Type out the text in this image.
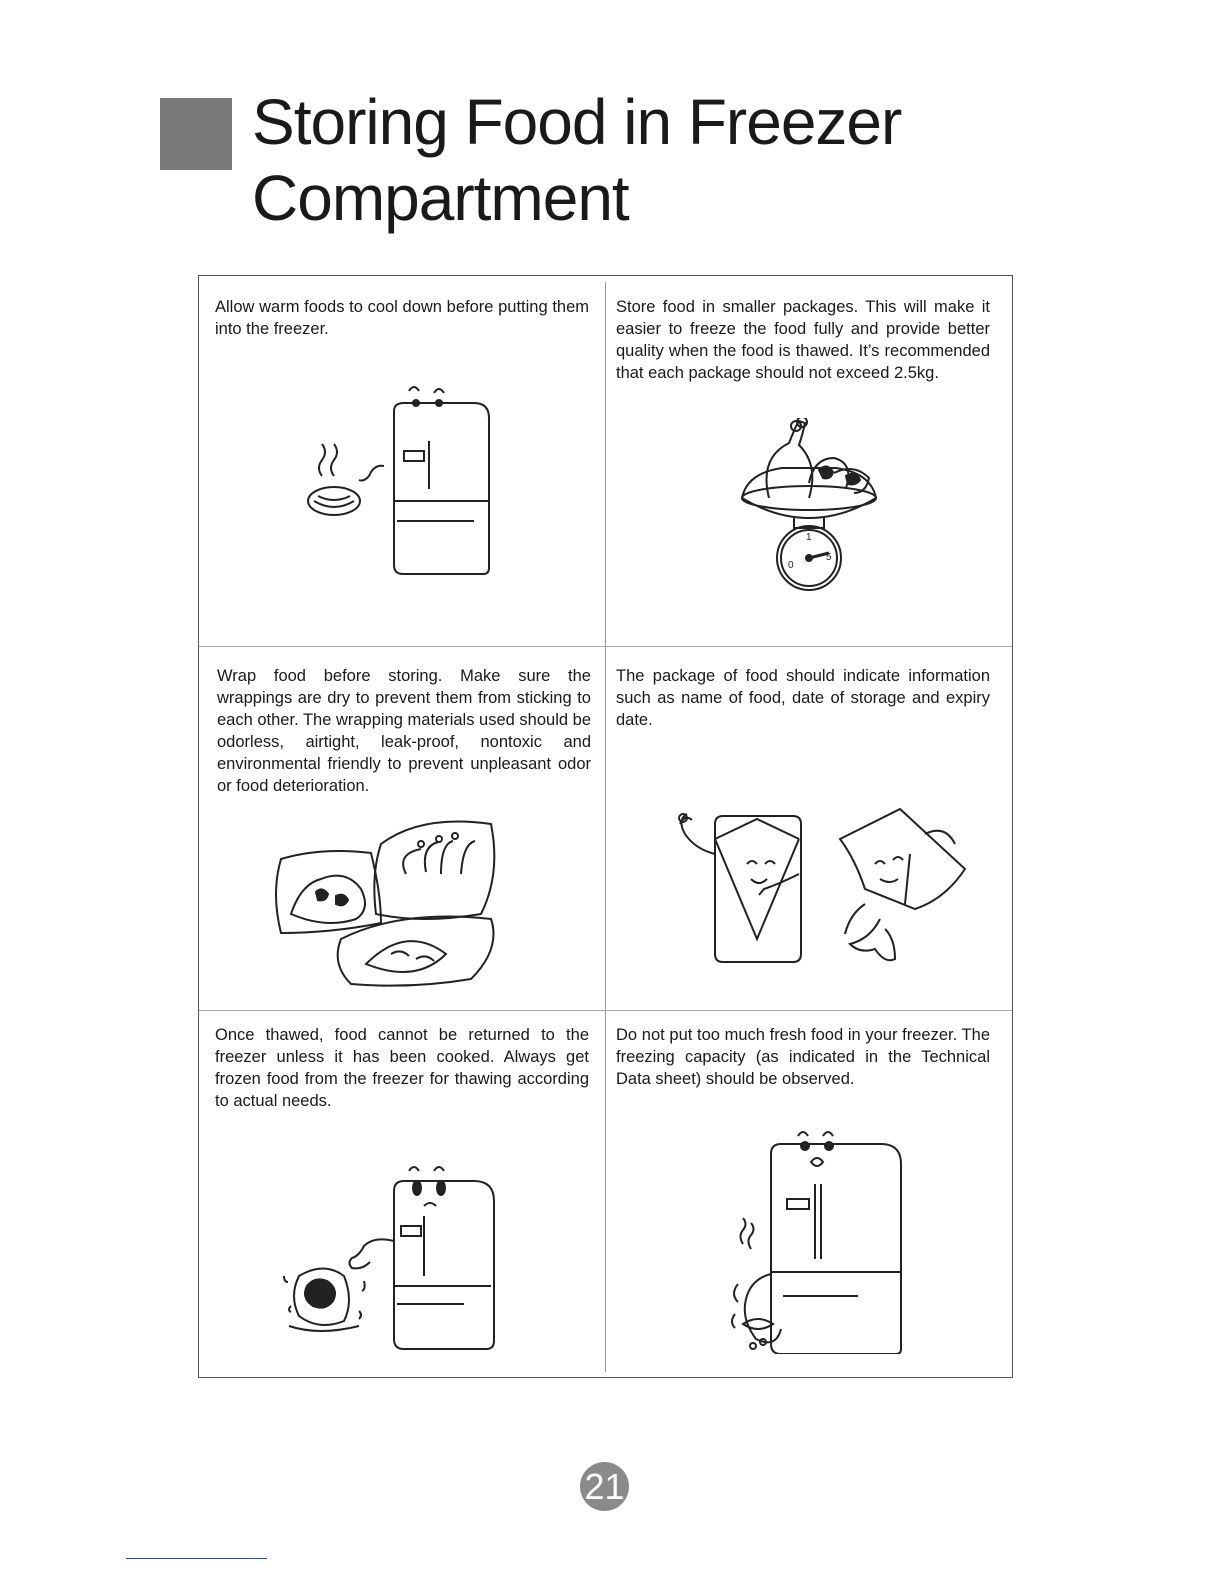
Storing Food in Freezer
Compartment

Allow warm foods to cool down before putting them into the freezer.

Store food in smaller packages. This will make it easier to freeze the food fully and provide better quality when the food is thawed. It’s recommended that each package should not exceed 2.5kg.

0
1
5

Wrap food before storing. Make sure the wrappings are dry to prevent them from sticking to each other. The wrapping materials used should be odorless, airtight, leak-proof, nontoxic and environmental friendly to prevent unpleasant odor or food deterioration.

The package of food should indicate information such as name of food, date of storage and expiry date.

Once thawed, food cannot be returned to the freezer unless it has been cooked. Always get frozen food from the freezer for thawing according to actual needs.

Do not put too much fresh food in your freezer. The freezing capacity (as indicated in the Technical Data sheet) should be observed.

21
